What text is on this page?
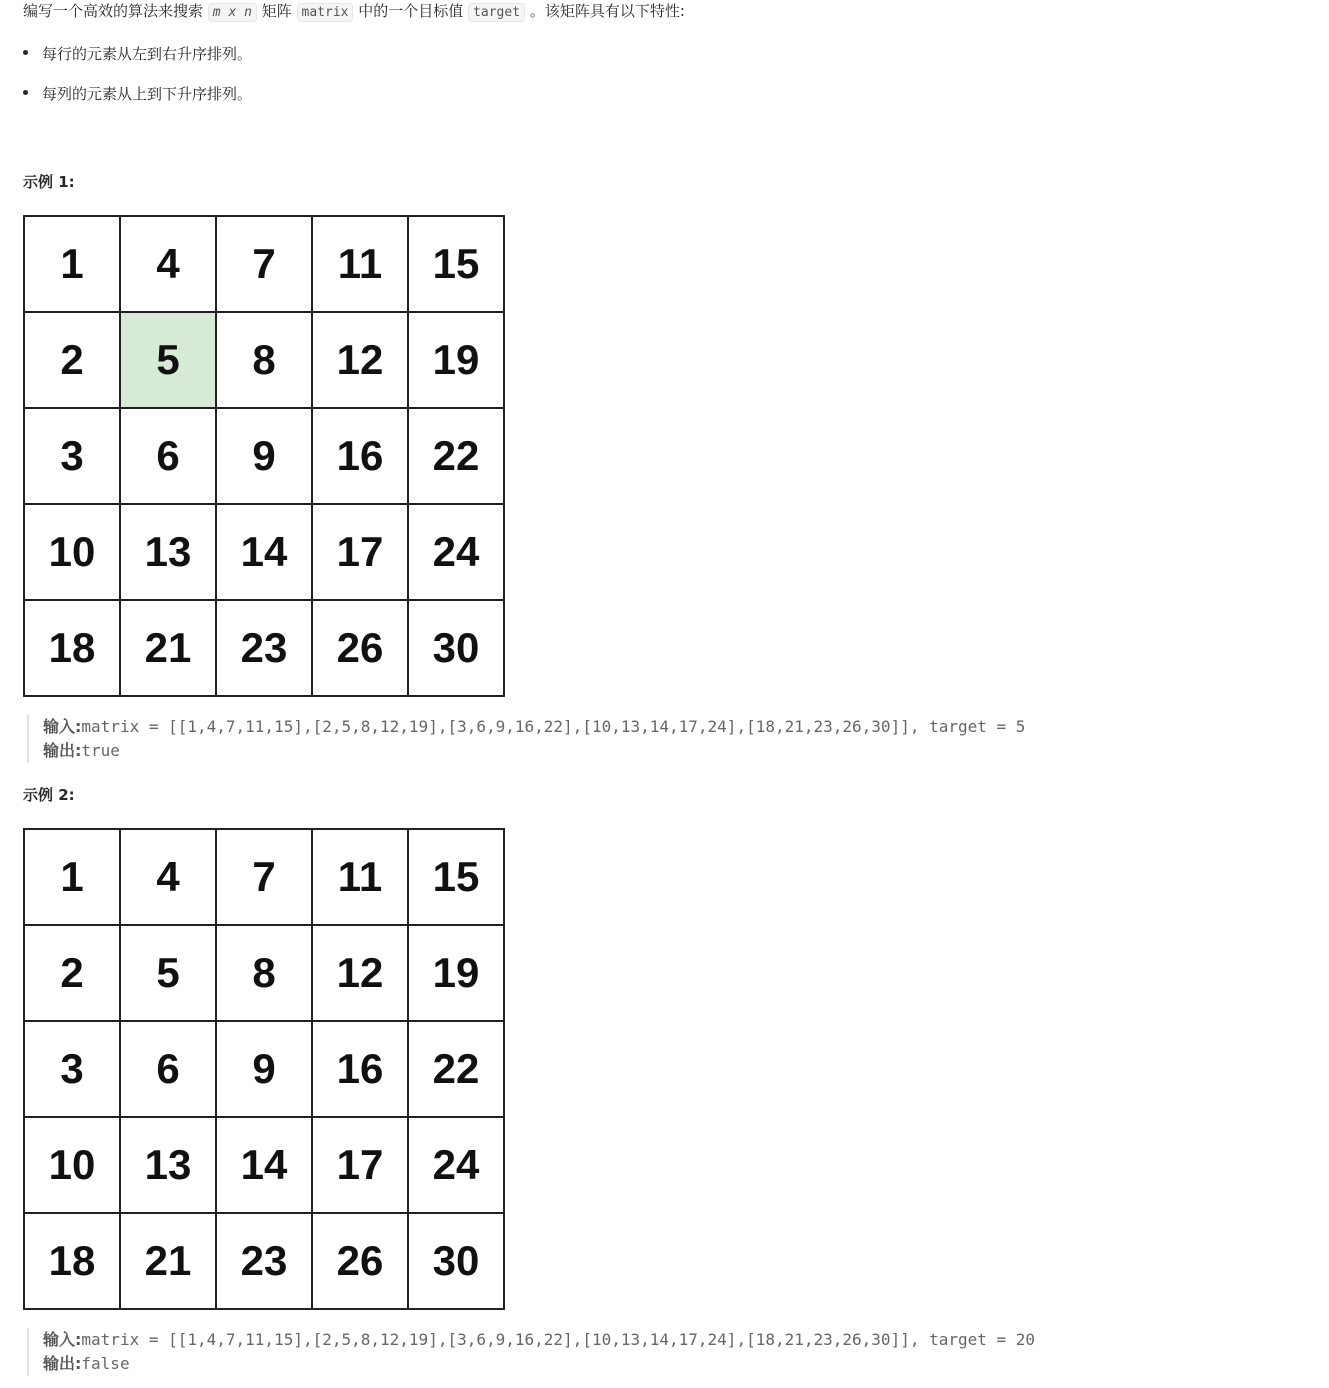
编写一个高效的算法来搜索 m x n 矩阵 matrix 中的一个目标值 target 。该矩阵具有以下特性:
每行的元素从左到右升序排列。
每列的元素从上到下升序排列。
示例 1:
1	4	7	11	15
2	5	8	12	19
3	6	9	16	22
10	13	14	17	24
18	21	23	26	30
输入:matrix = [[1,4,7,11,15],[2,5,8,12,19],[3,6,9,16,22],[10,13,14,17,24],[18,21,23,26,30]], target = 5
输出:true
示例 2:
1	4	7	11	15
2	5	8	12	19
3	6	9	16	22
10	13	14	17	24
18	21	23	26	30
输入:matrix = [[1,4,7,11,15],[2,5,8,12,19],[3,6,9,16,22],[10,13,14,17,24],[18,21,23,26,30]], target = 20
输出:false
